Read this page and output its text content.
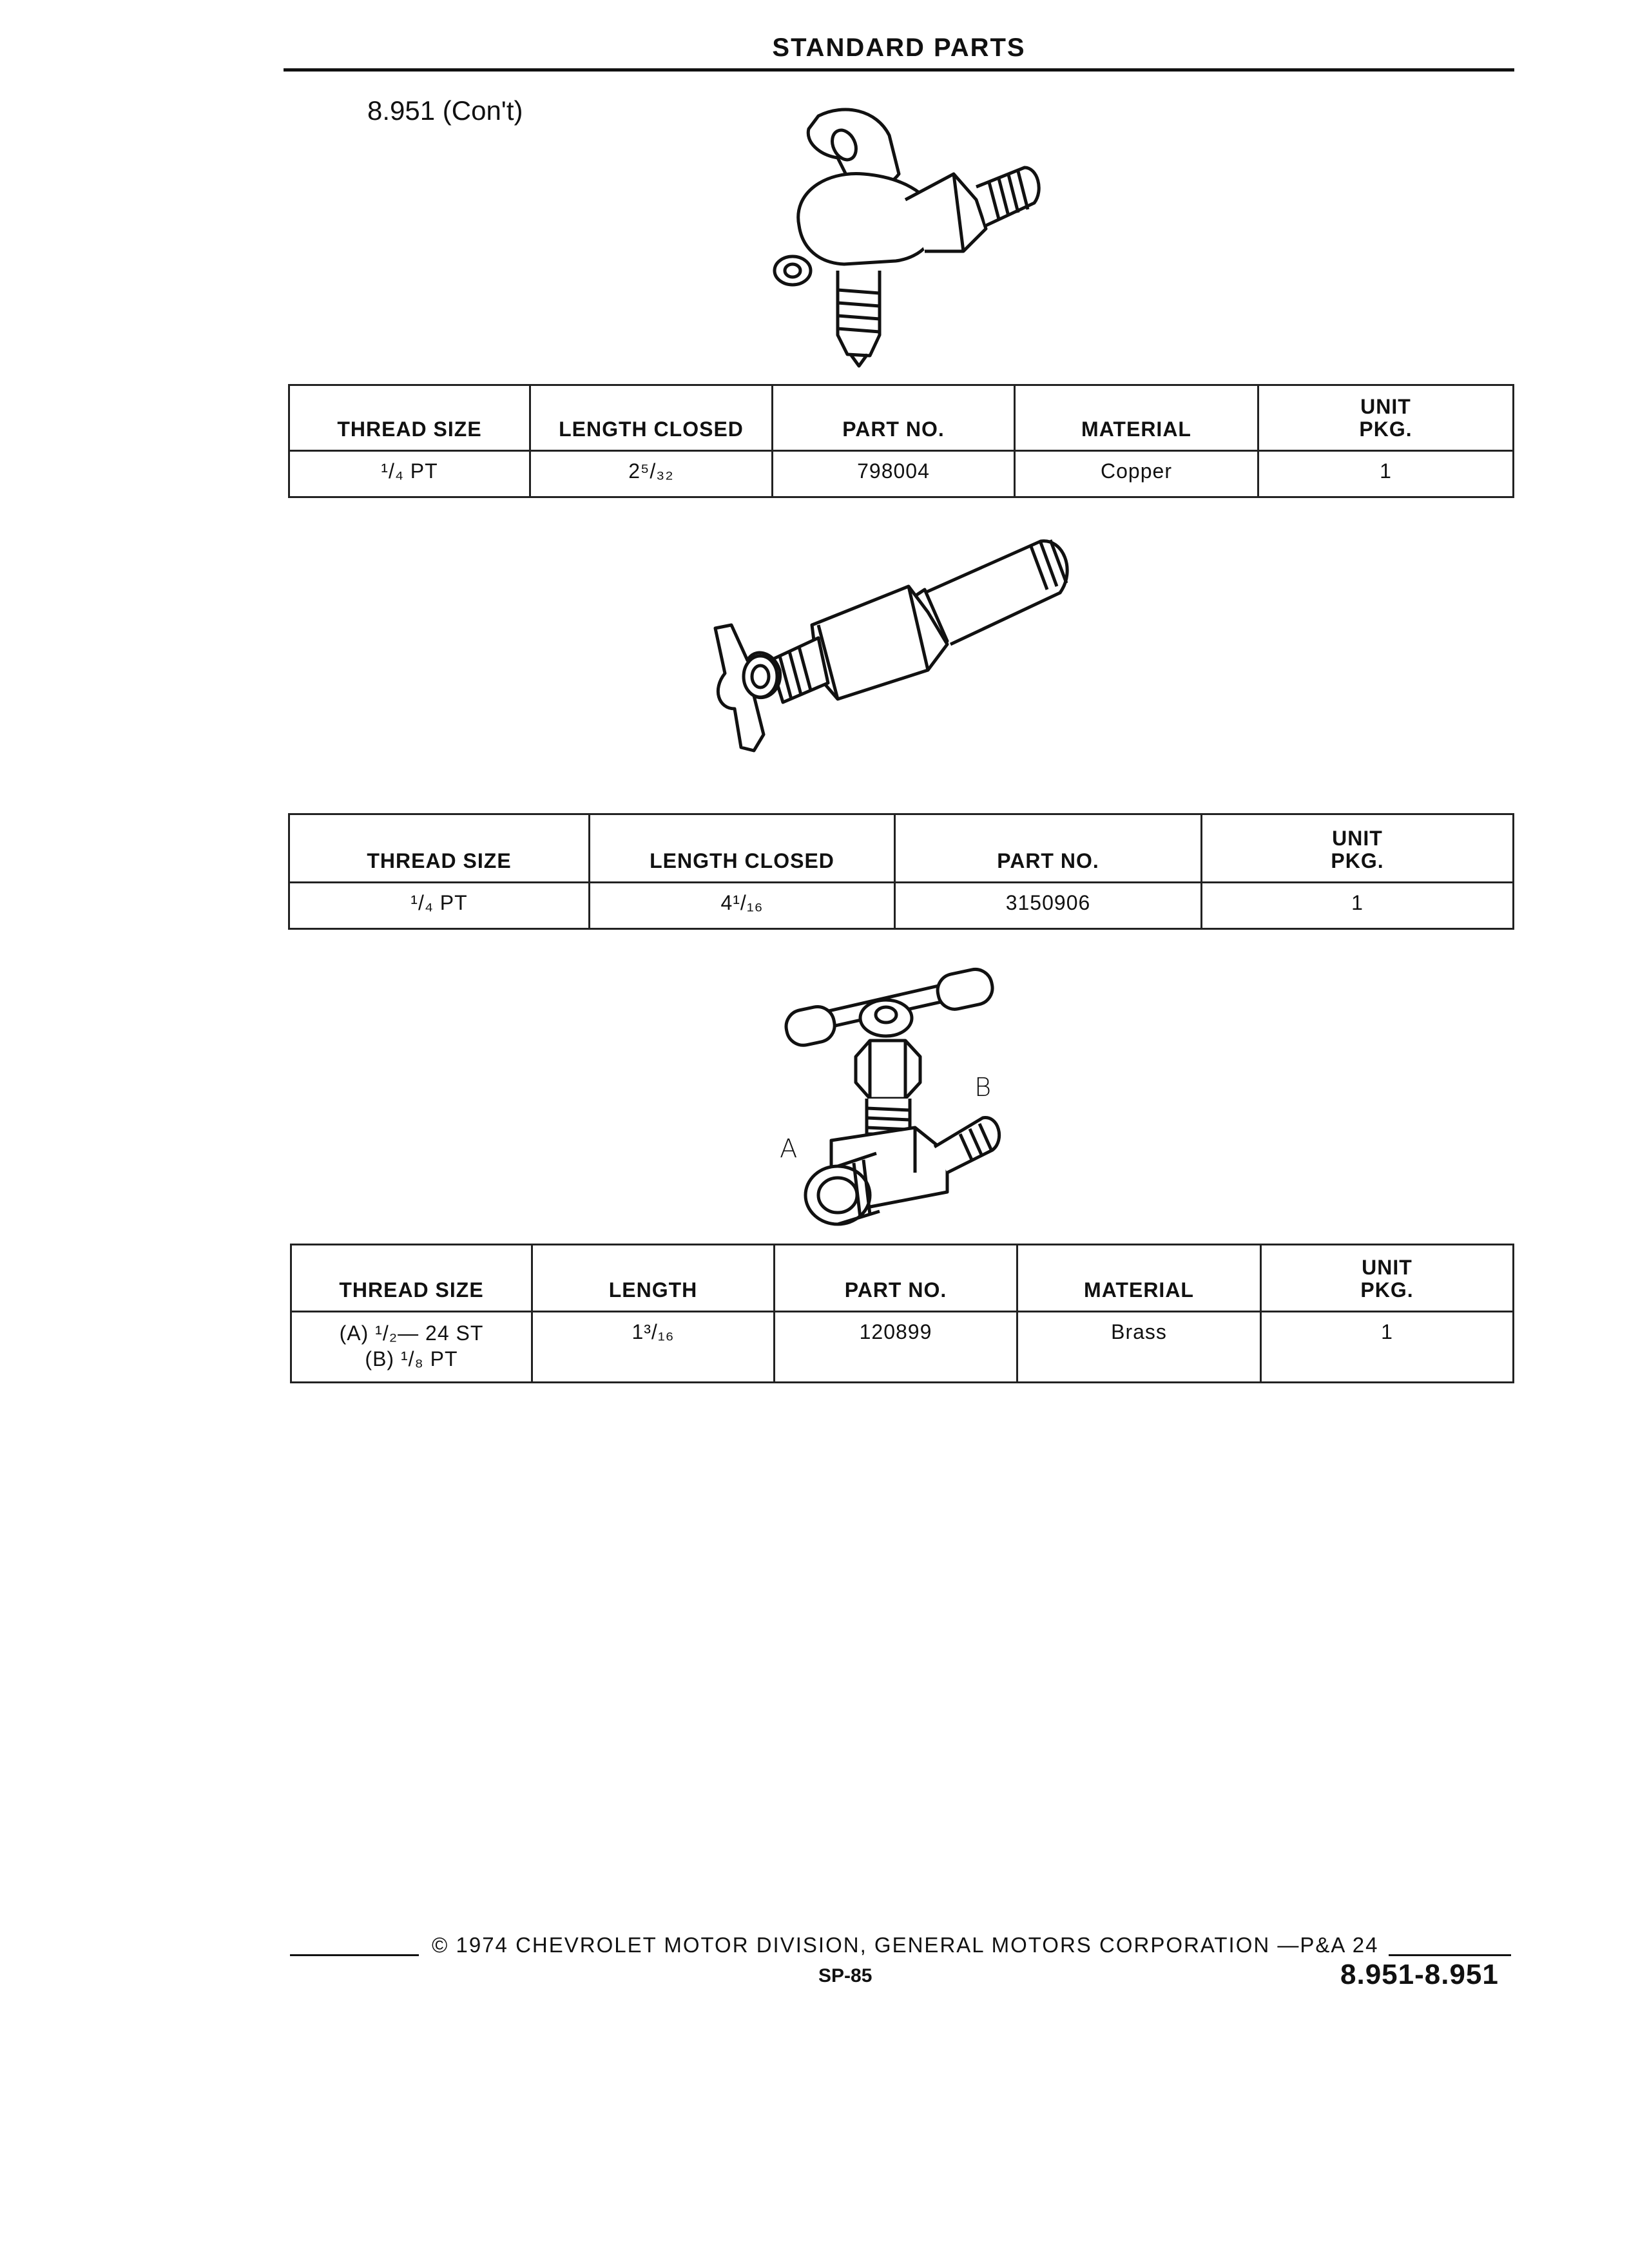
STANDARD PARTS
8.951 (Con't)
THREAD SIZE	LENGTH CLOSED	PART NO.	MATERIAL	UNIT
PKG.
¹/₄ PT	2⁵/₃₂	798004	Copper	1
THREAD SIZE	LENGTH CLOSED	PART NO.	UNIT
PKG.
¹/₄ PT	4¹/₁₆	3150906	1
A
B
THREAD SIZE	LENGTH	PART NO.	MATERIAL	UNIT
PKG.
(A) ¹/₂— 24 ST
(B) ¹/₈ PT	1³/₁₆	120899	Brass	1
© 1974 CHEVROLET MOTOR DIVISION, GENERAL MOTORS CORPORATION —P&A 24
SP-85	8.951-8.951
